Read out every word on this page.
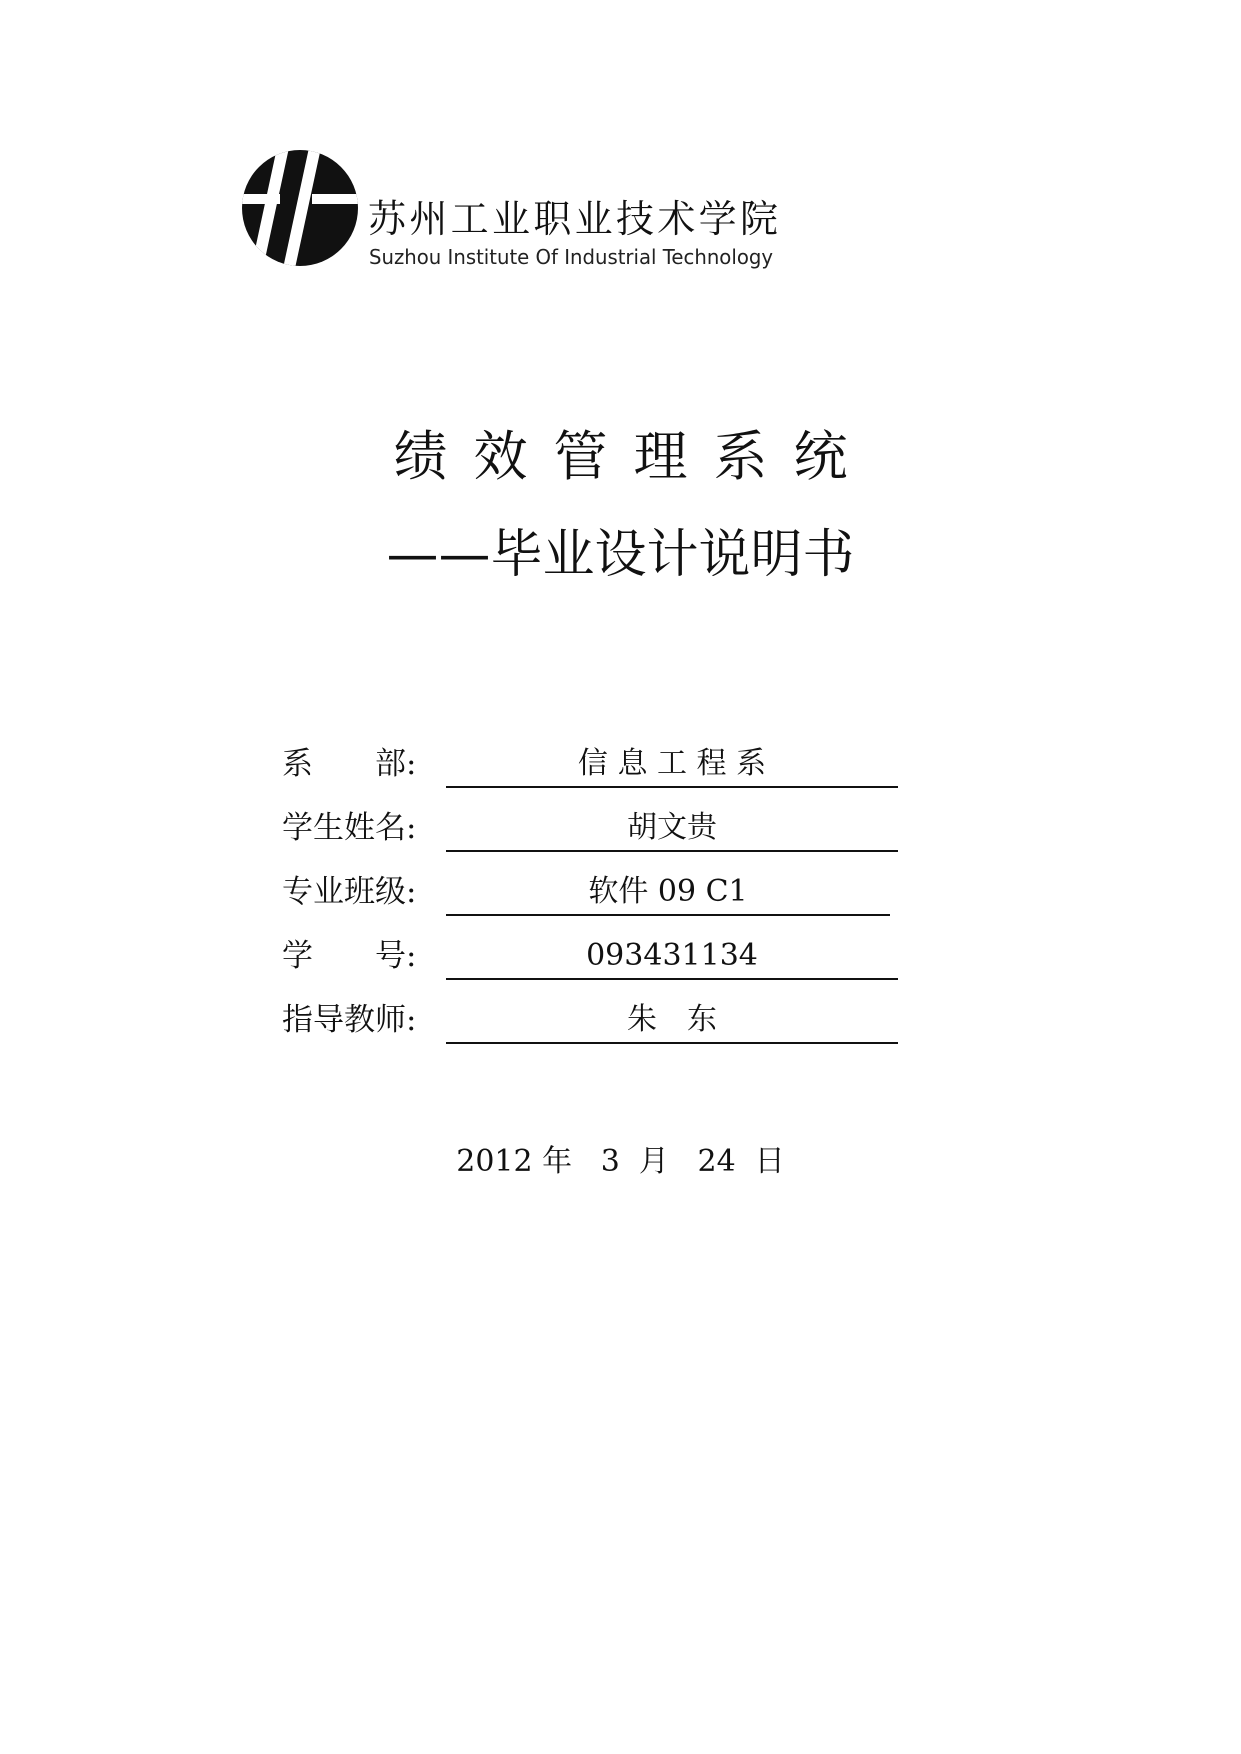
苏州工业职业技术学院
Suzhou Institute Of Industrial Technology
绩效管理系统
——毕业设计说明书
系　　部:	信 息 工 程 系
学生姓名:	胡文贵
专业班级:	软件 09 C1
学　　号:	093431134
指导教师:	朱　东
2012 年   3  月   24  日
